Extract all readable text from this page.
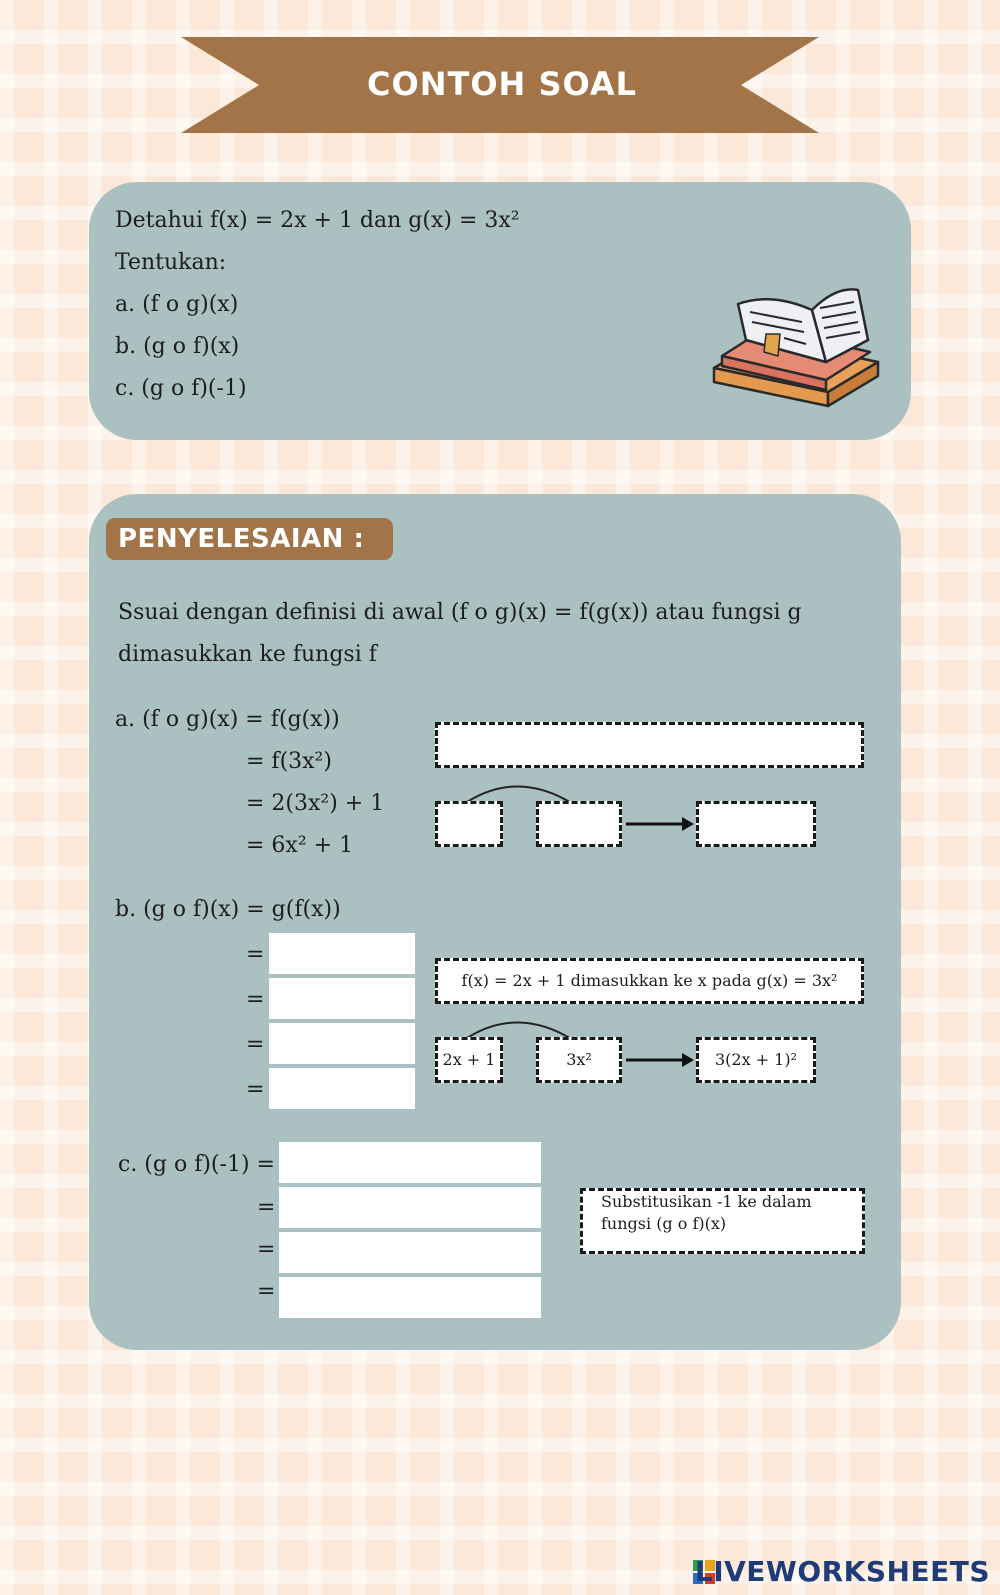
CONTOH SOAL
Detahui f(x) = 2x + 1 dan g(x) = 3x²
Tentukan:
a. (f o g)(x)
b. (g o f)(x)
c. (g o f)(-1)
PENYELESAIAN :
Ssuai dengan definisi di awal (f o g)(x) = f(g(x)) atau fungsi g
dimasukkan ke fungsi f
a. (f o g)(x) = f(g(x))
= f(3x²)
= 2(3x²) + 1
= 6x² + 1
b. (g o f)(x) = g(f(x))
=
=
=
=
f(x) = 2x + 1 dimasukkan ke x pada g(x) = 3x²
2x + 1	3x²	3(2x + 1)²
c. (g o f)(-1) =
=
=
=
Substitusikan -1 ke dalam
fungsi (g o f)(x)
LIVEWORKSHEETS
